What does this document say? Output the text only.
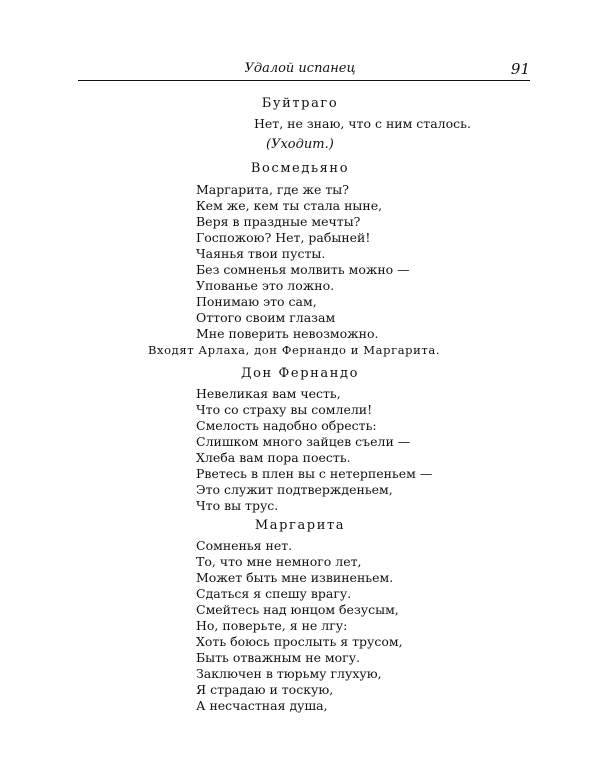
Удалой испанец	91
Буйтраго
Нет, не знаю, что с ним сталось.
(Уходит.)
Восмедьяно
Маргарита, где же ты?
Кем же, кем ты стала ныне,
Веря в праздные мечты?
Госпожою? Нет, рабыней!
Чаянья твои пусты.
Без сомненья молвить можно —
Упованье это ложно.
Понимаю это сам,
Оттого своим глазам
Мне поверить невозможно.
Входят Арлаха, дон Фернандо и Маргарита.
Дон Фернандо
Невеликая вам честь,
Что со страху вы сомлели!
Смелость надобно обресть:
Слишком много зайцев съели —
Хлеба вам пора поесть.
Рветесь в плен вы с нетерпеньем —
Это служит подтвержденьем,
Что вы трус.
Маргарита
Сомненья нет.
То, что мне немного лет,
Может быть мне извиненьем.
Сдаться я спешу врагу.
Смейтесь над юнцом безусым,
Но, поверьте, я не лгу:
Хоть боюсь прослыть я трусом,
Быть отважным не могу.
Заключен в тюрьму глухую,
Я страдаю и тоскую,
А несчастная душа,
